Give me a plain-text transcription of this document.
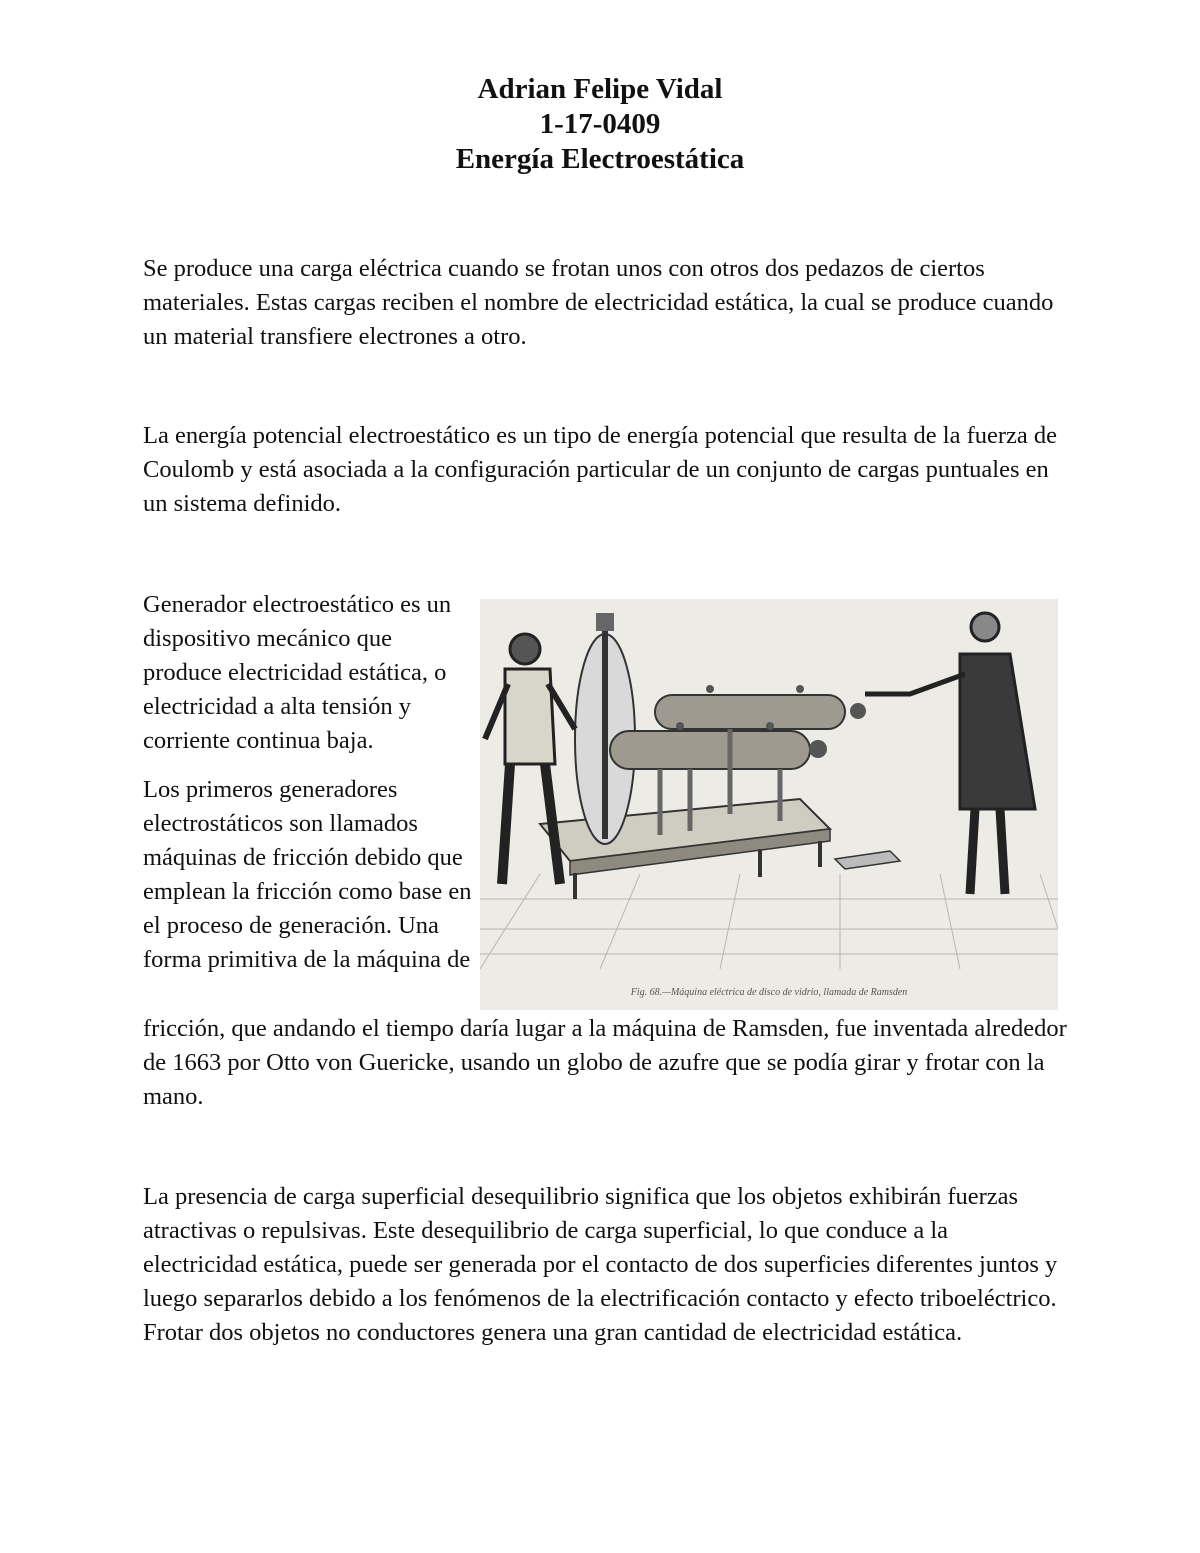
Adrian Felipe Vidal
1-17-0409
Energía Electroestática
Se produce una carga eléctrica cuando se frotan unos con otros dos pedazos de ciertos materiales. Estas cargas reciben el nombre de electricidad estática, la cual se produce cuando un material transfiere electrones a otro.
La energía potencial electroestático es un tipo de energía potencial que resulta de la fuerza de Coulomb y está asociada a la configuración particular de un conjunto de cargas puntuales en un sistema definido.
Generador electroestático es un dispositivo mecánico que produce electricidad estática, o electricidad a alta tensión y corriente continua baja.
Los primeros generadores electrostáticos son llamados máquinas de fricción debido que emplean la fricción como base en el proceso de generación. Una forma primitiva de la máquina de
fricción, que andando el tiempo daría lugar a la máquina de Ramsden, fue inventada alrededor de 1663 por Otto von Guericke, usando un globo de azufre que se podía girar y frotar con la mano.
Fig. 68.—Máquina eléctrica de disco de vidrio, llamada de Ramsden
La presencia de carga superficial desequilibrio significa que los objetos exhibirán fuerzas atractivas o repulsivas. Este desequilibrio de carga superficial, lo que conduce a la electricidad estática, puede ser generada por el contacto de dos superficies diferentes juntos y luego separarlos debido a los fenómenos de la electrificación contacto y efecto triboeléctrico. Frotar dos objetos no conductores genera una gran cantidad de electricidad estática.
